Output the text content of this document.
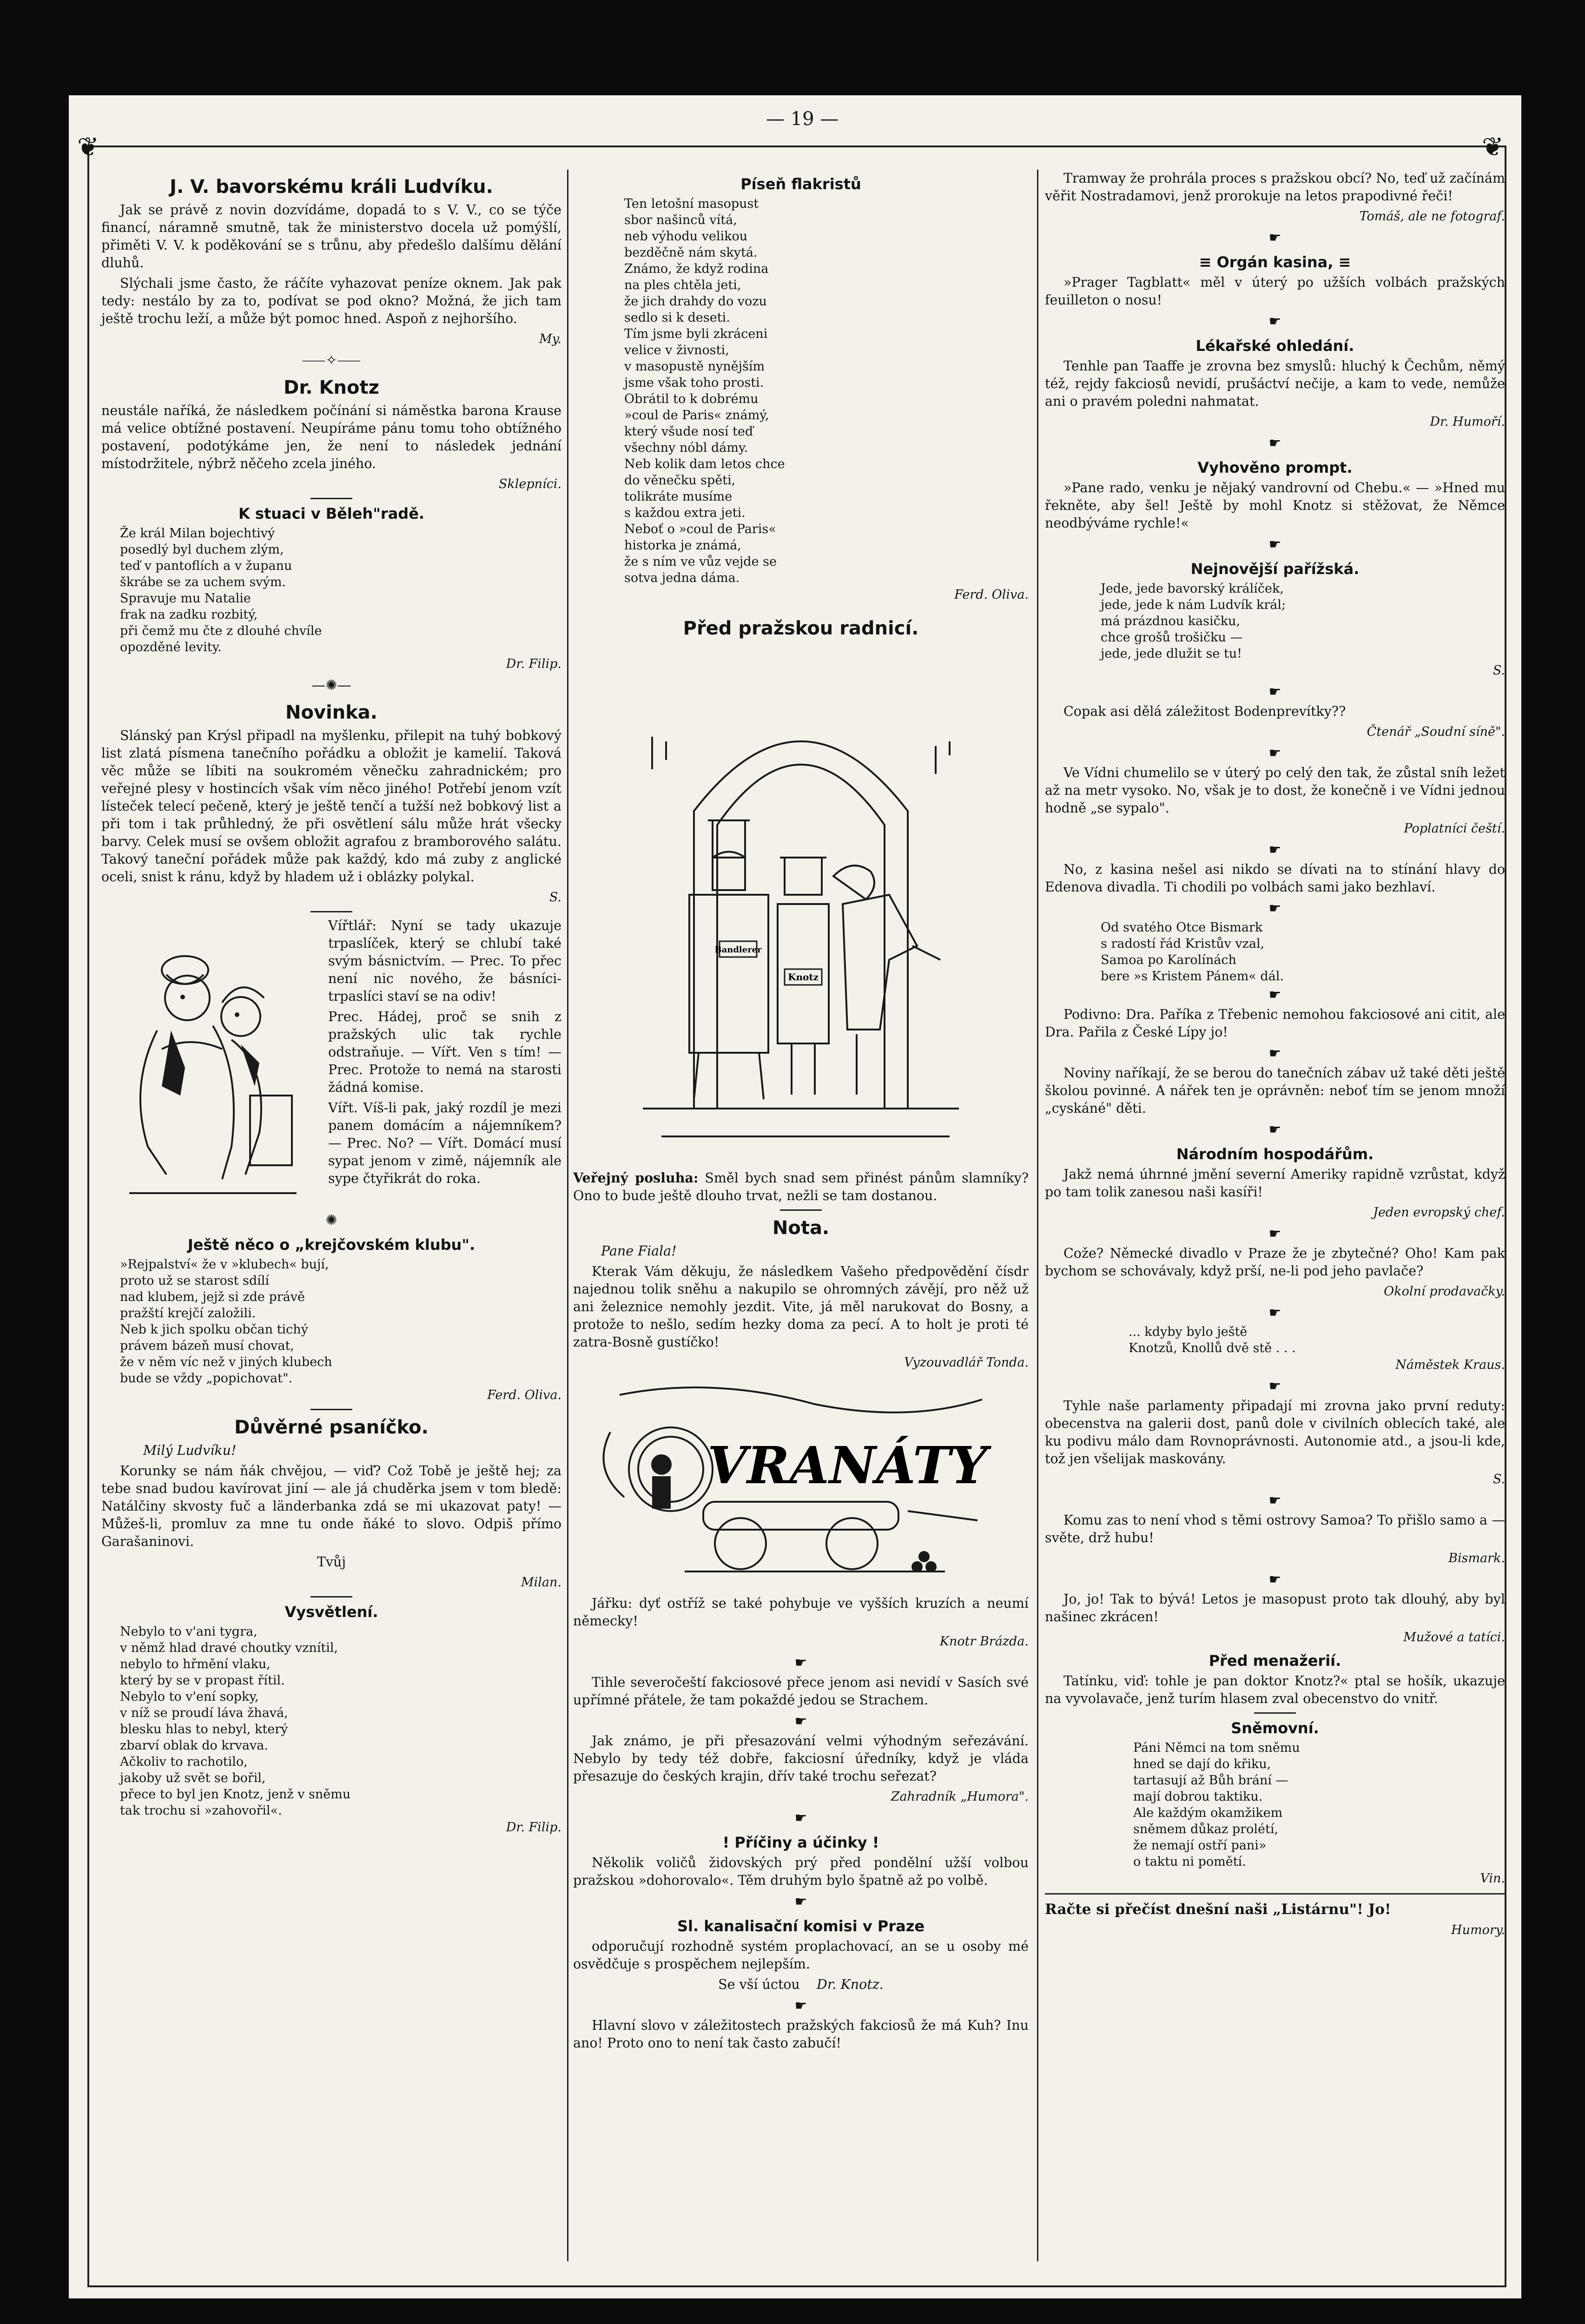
— 19 —
❦	❦
J. V. bavorskému králi Ludvíku.

Jak se právě z novin dozvídáme, dopadá to s V. V., co se týče financí, náramně smutně, tak že ministerstvo docela už pomýšlí, přiměti V. V. k poděkování se s trůnu, aby předešlo dalšímu dělání dluhů.

Slýchali jsme často, že ráčíte vyhazovat peníze oknem. Jak pak tedy: nestálo by za to, podívat se pod okno? Možná, že jich tam ještě trochu leží, a může být pomoc hned. Aspoň z nejhoršího.

My.

⸺✧⸺
Dr. Knotz

neustále naříká, že následkem počínání si náměstka barona Krause má velice obtížné postavení. Neupíráme pánu tomu toho obtížného postavení, podotýkáme jen, že není to následek jednání místodržitele, nýbrž něčeho zcela jiného.

Sklepníci.

K stuaci v Běleh"radě.
Že král Milan bojechtivý
posedlý byl duchem zlým,
teď v pantoflích a v županu
škrábe se za uchem svým.
Spravuje mu Natalie
frak na zadku rozbitý,
při čemž mu čte z dlouhé chvíle
opozděné levity.

Dr. Filip.

—✺—
Novinka.

Slánský pan Krýsl připadl na myšlenku, přilepit na tuhý bobkový list zlatá písmena tanečního pořádku a obložit je kamelií. Taková věc může se líbiti na soukromém věnečku zahradnickém; pro veřejné plesy v hostincích však vím něco jiného! Potřebí jenom vzít lísteček telecí pečeně, který je ještě tenčí a tužší než bobkový list a při tom i tak průhledný, že při osvětlení sálu může hrát všecky barvy. Celek musí se ovšem obložit agrafou z bramborového salátu. Takový taneční pořádek může pak každý, kdo má zuby z anglické oceli, snist k ránu, když by hladem už i oblázky polykal.

S.

Vířtlář: Nyní se tady ukazuje trpaslíček, který se chlubí také svým básnictvím. — Prec. To přec není nic nového, že básníci-trpaslíci staví se na odiv!

Prec. Hádej, proč se snih z pražských ulic tak rychle odstraňuje. — Vířt. Ven s tím! — Prec. Protože to nemá na starosti žádná komise.

Vířt. Víš-li pak, jaký rozdíl je mezi panem domácím a nájemníkem? — Prec. No? — Vířt. Domácí musí sypat jenom v zimě, nájemník ale sype čtyřikrát do roka.

✺
Ještě něco o „krejčovském klubu".
»Rejpalství« že v »klubech« bují,
proto už se starost sdílí
nad klubem, jejž si zde právě
pražští krejčí založili.
Neb k jich spolku občan tichý
právem bázeň musí chovat,
že v něm víc než v jiných klubech
bude se vždy „popichovat".

Ferd. Oliva.

Důvěrné psaníčko.

Milý Ludvíku!

Korunky se nám ňák chvějou, — viď? Což Tobě je ještě hej; za tebe snad budou kavírovat jiní — ale já chuděrka jsem v tom bledě: Natálčiny skvosty fuč a länderbanka zdá se mi ukazovat paty! — Můžeš-li, promluv za mne tu onde ňáké to slovo. Odpiš přímo Garašaninovi.

Tvůj

Milan.

Vysvětlení.
Nebylo to v'ani tygra,
v němž hlad dravé choutky vznítil,
nebylo to hřmění vlaku,
který by se v propast řítil.
Nebylo to v'ení sopky,
v níž se proudí láva žhavá,
blesku hlas to nebyl, který
zbarví oblak do krvava.
Ačkoliv to rachotilo,
jakoby už svět se bořil,
přece to byl jen Knotz, jenž v sněmu
tak trochu si »zahovořil«.

Dr. Filip.

Píseň flakristů
Ten letošní masopust
sbor našinců vítá,
neb výhodu velikou
bezděčně nám skytá.
Známo, že když rodina
na ples chtěla jeti,
že jich drahdy do vozu
sedlo si k deseti.
Tím jsme byli zkráceni
velice v živnosti,
v masopustě nynějším
jsme však toho prosti.
Obrátil to k dobrému
»coul de Paris« známý,
který všude nosí teď
všechny nóbl dámy.
Neb kolik dam letos chce
do věnečku spěti,
tolikráte musíme
s každou extra jeti.
Neboť o »coul de Paris«
historka je známá,
že s ním ve vůz vejde se
sotva jedna dáma.

Ferd. Oliva.

Před pražskou radnicí.
Bandlerer
Knotz

Veřejný posluha: Směl bych snad sem přinést pánům slamníky? Ono to bude ještě dlouho trvat, nežli se tam dostanou.

Nota.

Pane Fiala!

Kterak Vám děkuju, že následkem Vašeho předpovědění čísdr najednou tolik sněhu a nakupilo se ohromných závějí, pro něž už ani železnice nemohly jezdit. Vite, já měl narukovat do Bosny, a protože to nešlo, sedím hezky doma za pecí. A to holt je proti té zatra-Bosně gustíčko!

Vyzouvadlář Tonda.

VRANÁTY

Jářku: dyť ostříž se také pohybuje ve vyšších kruzích a neumí německy!

Knotr Brázda.

☛

Tihle severočeští fakciosové přece jenom asi nevidí v Sasích své upřímné přátele, že tam pokaždé jedou se Strachem.

☛

Jak známo, je při přesazování velmi výhodným seřezávání. Nebylo by tedy též dobře, fakciosní úředníky, když je vláda přesazuje do českých krajin, dřív také trochu seřezat?

Zahradník „Humora".

☛
! Příčiny a účinky !

Několik voličů židovských prý před pondělní užší volbou pražskou »dohorovalo«. Těm druhým bylo špatně až po volbě.

☛
Sl. kanalisační komisi v Praze

odporučují rozhodně systém proplachovací, an se u osoby mé osvědčuje s prospěchem nejlepším.

Se vší úctou Dr. Knotz.

☛

Hlavní slovo v záležitostech pražských fakciosů že má Kuh? Inu ano! Proto ono to není tak často zabučí!

Tramway že prohrála proces s pražskou obcí? No, teď už začínám věřit Nostradamovi, jenž prorokuje na letos prapodivné řeči!

Tomáš, ale ne fotograf.

☛
≡ Orgán kasina, ≡

»Prager Tagblatt« měl v úterý po užších volbách pražských feuilleton o nosu!

☛
Lékařské ohledání.

Tenhle pan Taaffe je zrovna bez smyslů: hluchý k Čechům, němý též, rejdy fakciosů nevidí, prušáctví nečije, a kam to vede, nemůže ani o pravém poledni nahmatat.

Dr. Humoří.

☛
Vyhověno prompt.

»Pane rado, venku je nějaký vandrovní od Chebu.« — »Hned mu řekněte, aby šel! Ještě by mohl Knotz si stěžovat, že Němce neodbýváme rychle!«

☛
Nejnovější pařížská.
Jede, jede bavorský králíček,
jede, jede k nám Ludvík král;
má prázdnou kasičku,
chce grošů trošičku —
jede, jede dlužit se tu!

S.

☛

Copak asi dělá záležitost Bodenprevítky??

Čtenář „Soudní síně".

☛

Ve Vídni chumelilo se v úterý po celý den tak, že zůstal sníh ležet až na metr vysoko. No, však je to dost, že konečně i ve Vídni jednou hodně „se sypalo".

Poplatníci čeští.

☛

No, z kasina nešel asi nikdo se dívati na to stínání hlavy do Edenova divadla. Ti chodili po volbách sami jako bezhlaví.

☛
Od svatého Otce Bismark
s radostí řád Kristův vzal,
Samoa po Karolínách
bere »s Kristem Pánem« dál.
☛

Podivno: Dra. Paříka z Třebenic nemohou fakciosové ani citit, ale Dra. Pařila z České Lípy jo!

☛

Noviny naříkají, že se berou do tanečních zábav už také děti ještě školou povinné. A nářek ten je oprávněn: neboť tím se jenom množí „cyskáné" děti.

☛
Národním hospodářům.

Jakž nemá úhrnné jmění severní Ameriky rapidně vzrůstat, když po tam tolik zanesou naši kasíři!

Jeden evropský chef.

☛

Cože? Německé divadlo v Praze že je zbytečné? Oho! Kam pak bychom se schovávaly, když prší, ne-li pod jeho pavlače?

Okolní prodavačky.

☛
... kdyby bylo ještě
Knotzů, Knollů dvě stě . . .

Náměstek Kraus.

☛

Tyhle naše parlamenty připadají mi zrovna jako první reduty: obecenstva na galerii dost, panů dole v civilních oblecích také, ale ku podivu málo dam Rovnoprávnosti. Autonomie atd., a jsou-li kde, tož jen všelijak maskovány.

S.

☛

Komu zas to není vhod s těmi ostrovy Samoa? To přišlo samo a — světe, drž hubu!

Bismark.

☛

Jo, jo! Tak to bývá! Letos je masopust proto tak dlouhý, aby byl našinec zkrácen!

Mužové a tatíci.

Před menažerií.

Tatínku, viď: tohle je pan doktor Knotz?« ptal se hošík, ukazuje na vyvolavače, jenž turím hlasem zval obecenstvo do vnitř.

Sněmovní.
Páni Němci na tom sněmu
hned se dají do křiku,
tartasují až Bůh brání —
mají dobrou taktiku.
Ale každým okamžikem
sněmem důkaz prolétí,
že nemají ostří pani»
o taktu ni pomětí.

Vin.

Račte si přečíst dnešní naši „Listárnu"! Jo!

Humory.
